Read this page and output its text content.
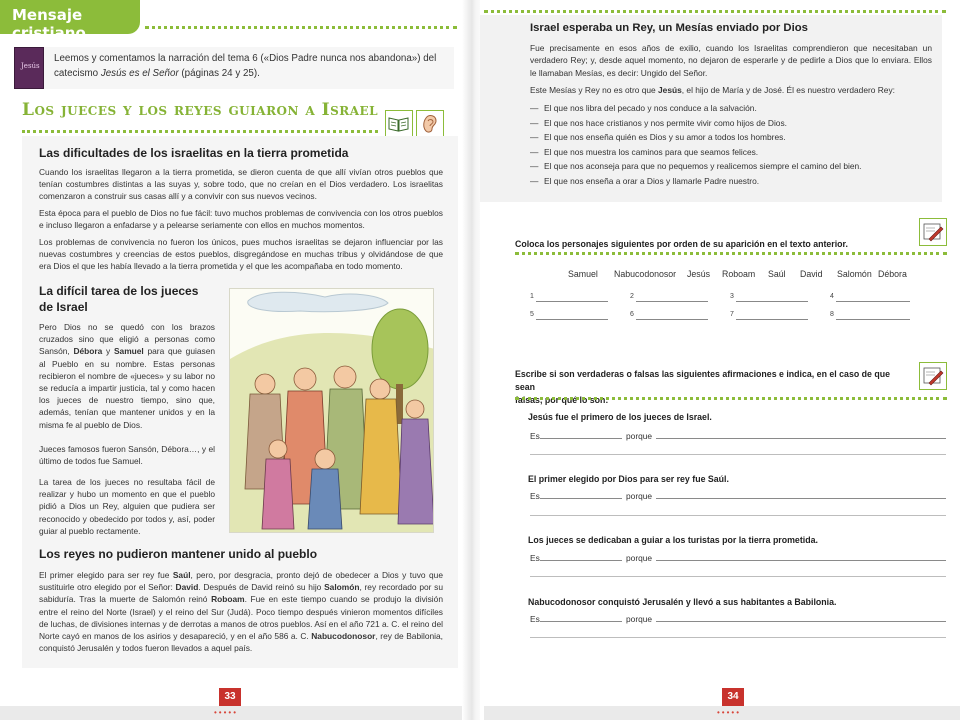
Mensaje cristiano
Jesús
Leemos y comentamos la narración del tema 6 («Dios Padre nunca nos abandona») del catecismo Jesús es el Señor (páginas 24 y 25).
Los jueces y los reyes guiaron a Israel
Las dificultades de los israelitas en la tierra prometida
Cuando los israelitas llegaron a la tierra prometida, se dieron cuenta de que allí vivían otros pueblos que tenían costumbres distintas a las suyas y, sobre todo, que no creían en el Dios verdadero. Los israelitas comenzaron a construir sus casas allí y a convivir con sus nuevos vecinos.
Esta época para el pueblo de Dios no fue fácil: tuvo muchos problemas de convivencia con los otros pueblos e incluso llegaron a enfadarse y a pelearse seriamente con ellos en muchos momentos.
Los problemas de convivencia no fueron los únicos, pues muchos israelitas se dejaron influenciar por las nuevas costumbres y creencias de estos pueblos, disgregándose en muchas tribus y olvidándose de que era Dios el que les había llevado a la tierra prometida y el que les acompañaba en todo momento.
La difícil tarea de los jueces
de Israel
Pero Dios no se quedó con los brazos cruzados sino que eligió a personas como Sansón, Débora y Samuel para que guiasen al Pueblo en su nombre. Estas personas recibieron el nombre de «jueces» y su labor no se reducía a impartir justicia, tal y como hacen los jueces de nuestro tiempo, sino que, además, tenían que mantener unidos y en la misma fe al pueblo de Dios.
Jueces famosos fueron Sansón, Débora…, y el último de todos fue Samuel.
La tarea de los jueces no resultaba fácil de realizar y hubo un momento en que el pueblo pidió a Dios un Rey, alguien que pudiera ser reconocido y obedecido por todos y, así, poder guiar al pueblo rectamente.
Los reyes no pudieron mantener unido al pueblo
El primer elegido para ser rey fue Saúl, pero, por desgracia, pronto dejó de obedecer a Dios y tuvo que sustituirle otro elegido por el Señor: David. Después de David reinó su hijo Salomón, rey recordado por su sabiduría. Tras la muerte de Salomón reinó Roboam. Fue en este tiempo cuando se produjo la división entre el reino del Norte (Israel) y el reino del Sur (Judá). Poco tiempo después vinieron momentos difíciles de luchas, de divisiones internas y de derrotas a manos de otros pueblos. Así en el año 721 a. C. el reino del Norte cayó en manos de los asirios y desapareció, y en el año 586 a. C. Nabucodonosor, rey de Babilonia, conquistó Jerusalén y todos fueron llevados a aquel país.
33
•••••
Israel esperaba un Rey, un Mesías enviado por Dios
Fue precisamente en esos años de exilio, cuando los Israelitas comprendieron que necesitaban un verdadero Rey; y, desde aquel momento, no dejaron de esperarle y de pedirle a Dios que lo enviara. Ellos le llamaban Mesías, es decir: Ungido del Señor.
Este Mesías y Rey no es otro que Jesús, el hijo de María y de José. Él es nuestro verdadero Rey:
— El que nos libra del pecado y nos conduce a la salvación.
— El que nos hace cristianos y nos permite vivir como hijos de Dios.
— El que nos enseña quién es Dios y su amor a todos los hombres.
— El que nos muestra los caminos para que seamos felices.
— El que nos aconseja para que no pequemos y realicemos siempre el camino del bien.
— El que nos enseña a orar a Dios y llamarle Padre nuestro.
Coloca los personajes siguientes por orden de su aparición en el texto anterior.
Samuel Nabucodonosor Jesús Roboam Saúl David Salomón Débora
1	2	3	4
5	6	7	8
Escribe si son verdaderas o falsas las siguientes afirmaciones e indica, en el caso de que sean
falsas, por qué lo son:
Jesús fue el primero de los jueces de Israel.
Es	porque
El primer elegido por Dios para ser rey fue Saúl.
Es	porque
Los jueces se dedicaban a guiar a los turistas por la tierra prometida.
Es	porque
Nabucodonosor conquistó Jerusalén y llevó a sus habitantes a Babilonia.
Es	porque
34
•••••
